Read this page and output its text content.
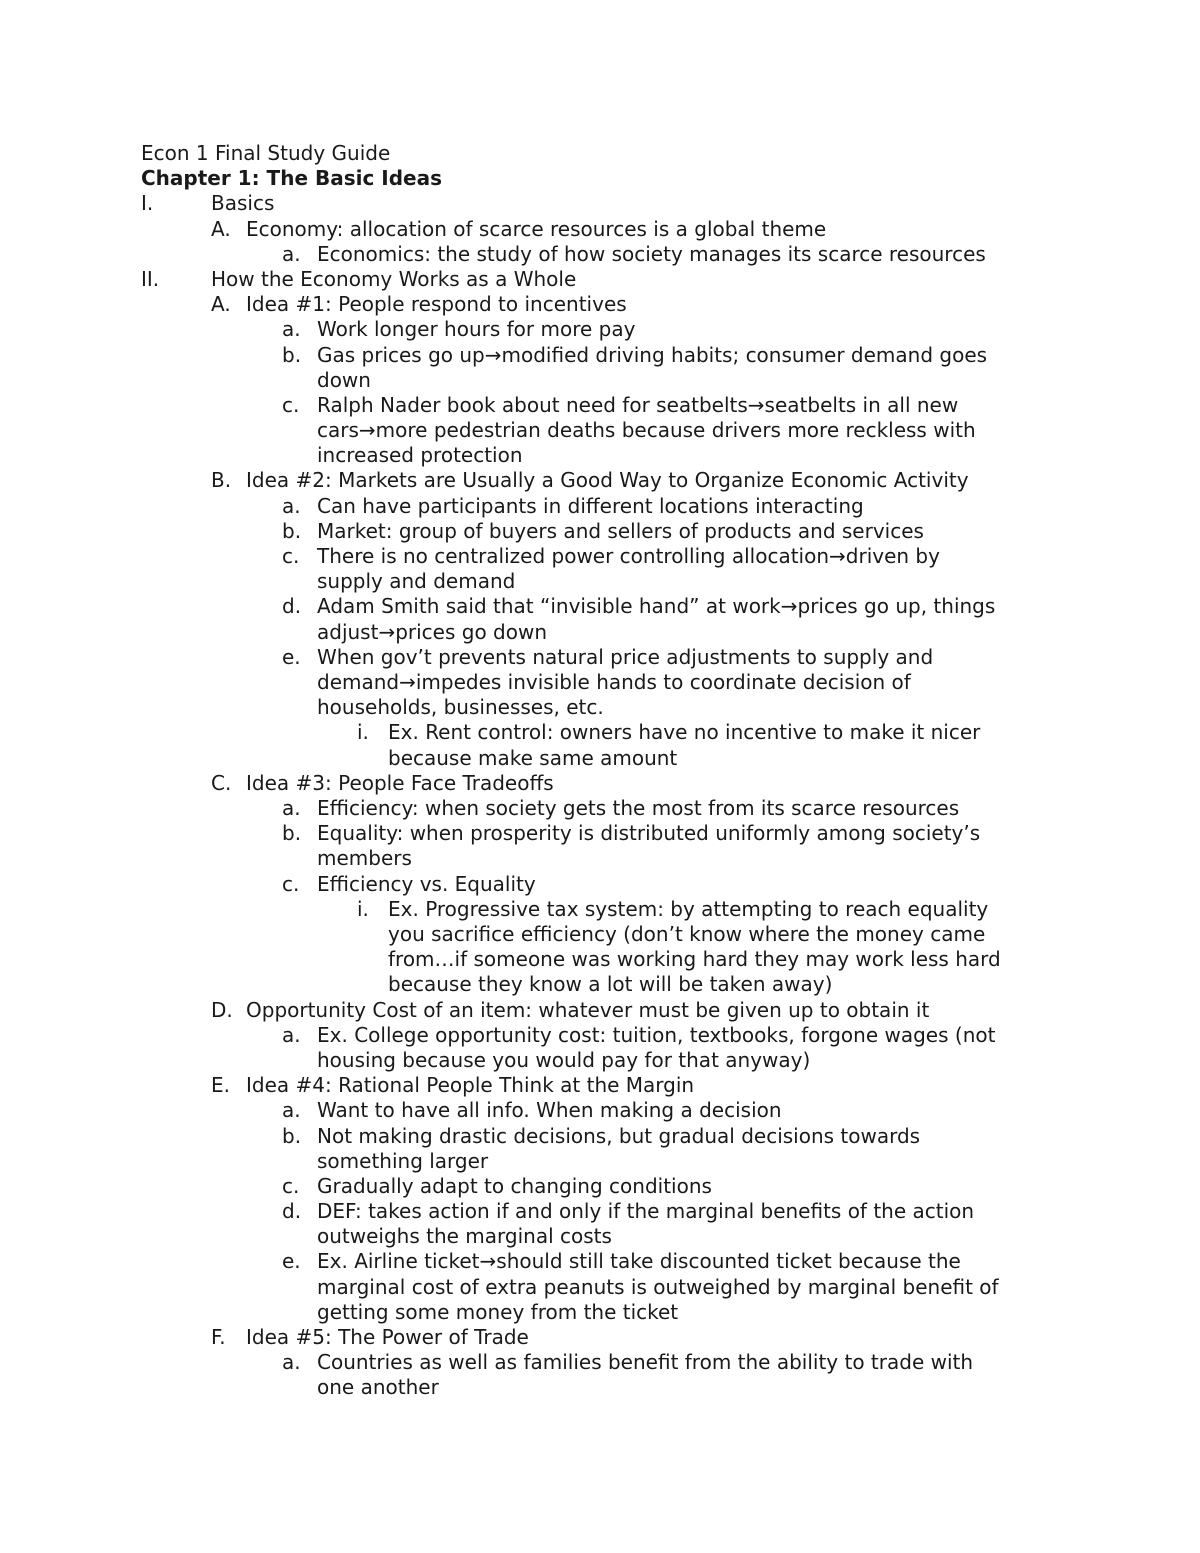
Econ 1 Final Study Guide
Chapter 1: The Basic Ideas
I.	Basics
A. Economy: allocation of scarce resources is a global theme
a. Economics: the study of how society manages its scarce resources
II.	How the Economy Works as a Whole
A. Idea #1: People respond to incentives
a. Work longer hours for more pay
b. Gas prices go up→modified driving habits; consumer demand goes
down
c. Ralph Nader book about need for seatbelts→seatbelts in all new
cars→more pedestrian deaths because drivers more reckless with
increased protection
B. Idea #2: Markets are Usually a Good Way to Organize Economic Activity
a. Can have participants in different locations interacting
b. Market: group of buyers and sellers of products and services
c. There is no centralized power controlling allocation→driven by
supply and demand
d. Adam Smith said that “invisible hand” at work→prices go up, things
adjust→prices go down
e. When gov’t prevents natural price adjustments to supply and
demand→impedes invisible hands to coordinate decision of
households, businesses, etc.
i. Ex. Rent control: owners have no incentive to make it nicer
because make same amount
C. Idea #3: People Face Tradeoffs
a. Efficiency: when society gets the most from its scarce resources
b. Equality: when prosperity is distributed uniformly among society’s
members
c. Efficiency vs. Equality
i. Ex. Progressive tax system: by attempting to reach equality
you sacrifice efficiency (don’t know where the money came
from…if someone was working hard they may work less hard
because they know a lot will be taken away)
D. Opportunity Cost of an item: whatever must be given up to obtain it
a. Ex. College opportunity cost: tuition, textbooks, forgone wages (not
housing because you would pay for that anyway)
E. Idea #4: Rational People Think at the Margin
a. Want to have all info. When making a decision
b. Not making drastic decisions, but gradual decisions towards
something larger
c. Gradually adapt to changing conditions
d. DEF: takes action if and only if the marginal benefits of the action
outweighs the marginal costs
e. Ex. Airline ticket→should still take discounted ticket because the
marginal cost of extra peanuts is outweighed by marginal benefit of
getting some money from the ticket
F. Idea #5: The Power of Trade
a. Countries as well as families benefit from the ability to trade with
one another
